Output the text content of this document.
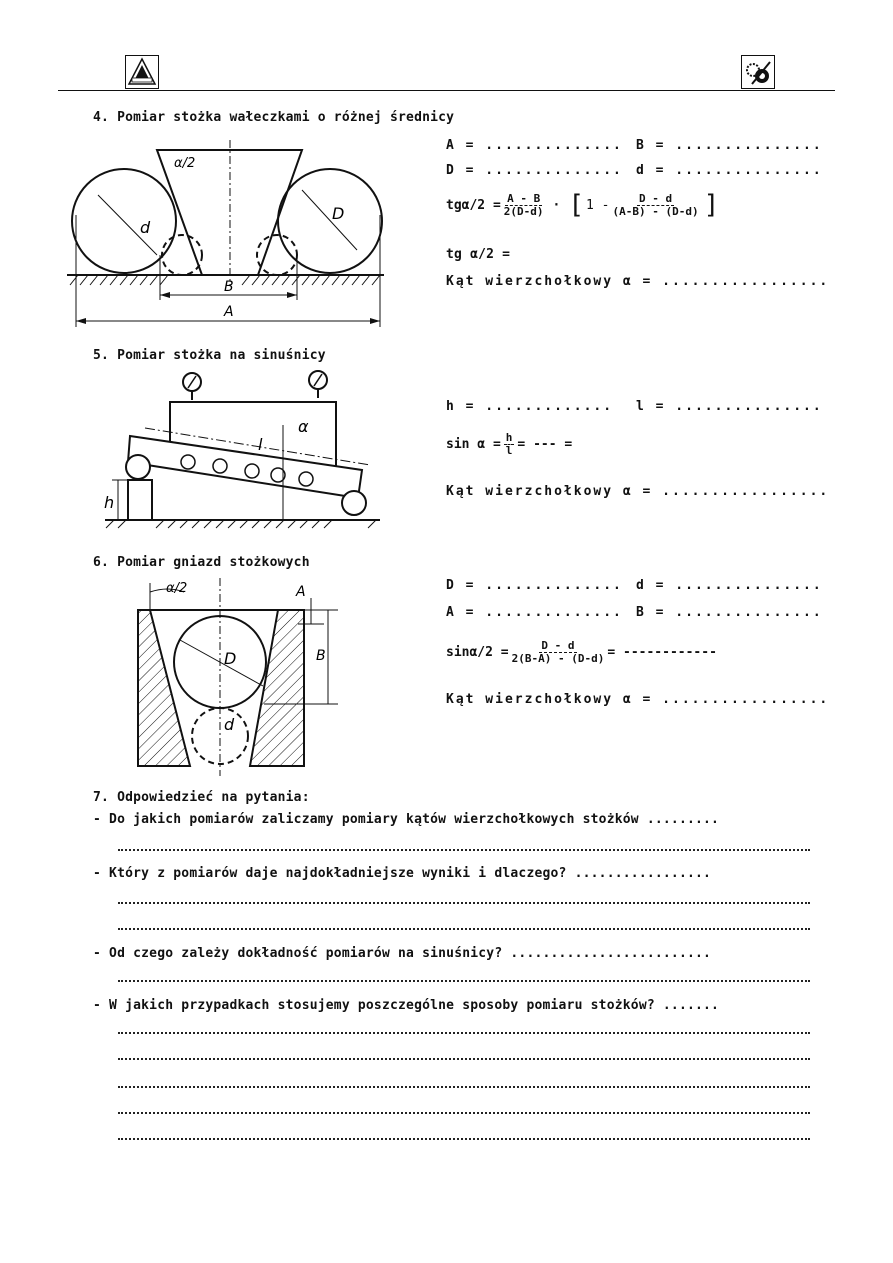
4. Pomiar stożka wałeczkami o różnej średnicy
α/2
d
D
B
A
A = .............. B = ...............
D = .............. d = ...............
$tg\alpha/2 = \frac{A - B}{2(D-d)}$ · [ $1 - \frac{D - d}{(A-B) - (D-d)}$ ]
tg α/2 =
Kąt wierzchołkowy α = .................
5. Pomiar stożka na sinuśnicy
l
α
h
h = ............. l = ...............
$\sin \alpha = \frac{h}{l}$ = --- =
Kąt wierzchołkowy α = .................
6. Pomiar gniazd stożkowych
α/2	A
B
D
d
D = .............. d = ...............
A = .............. B = ...............
$\sin\alpha/2 = \frac{D - d}{2(B-A) - (D-d)}$ = ------------
Kąt wierzchołkowy α = .................
7. Odpowiedzieć na pytania:
- Do jakich pomiarów zaliczamy pomiary kątów wierzchołkowych stożków .........
- Który z pomiarów daje najdokładniejsze wyniki i dlaczego? .................
- Od czego zależy dokładność pomiarów na sinuśnicy? .........................
- W jakich przypadkach stosujemy poszczególne sposoby pomiaru stożków? .......
